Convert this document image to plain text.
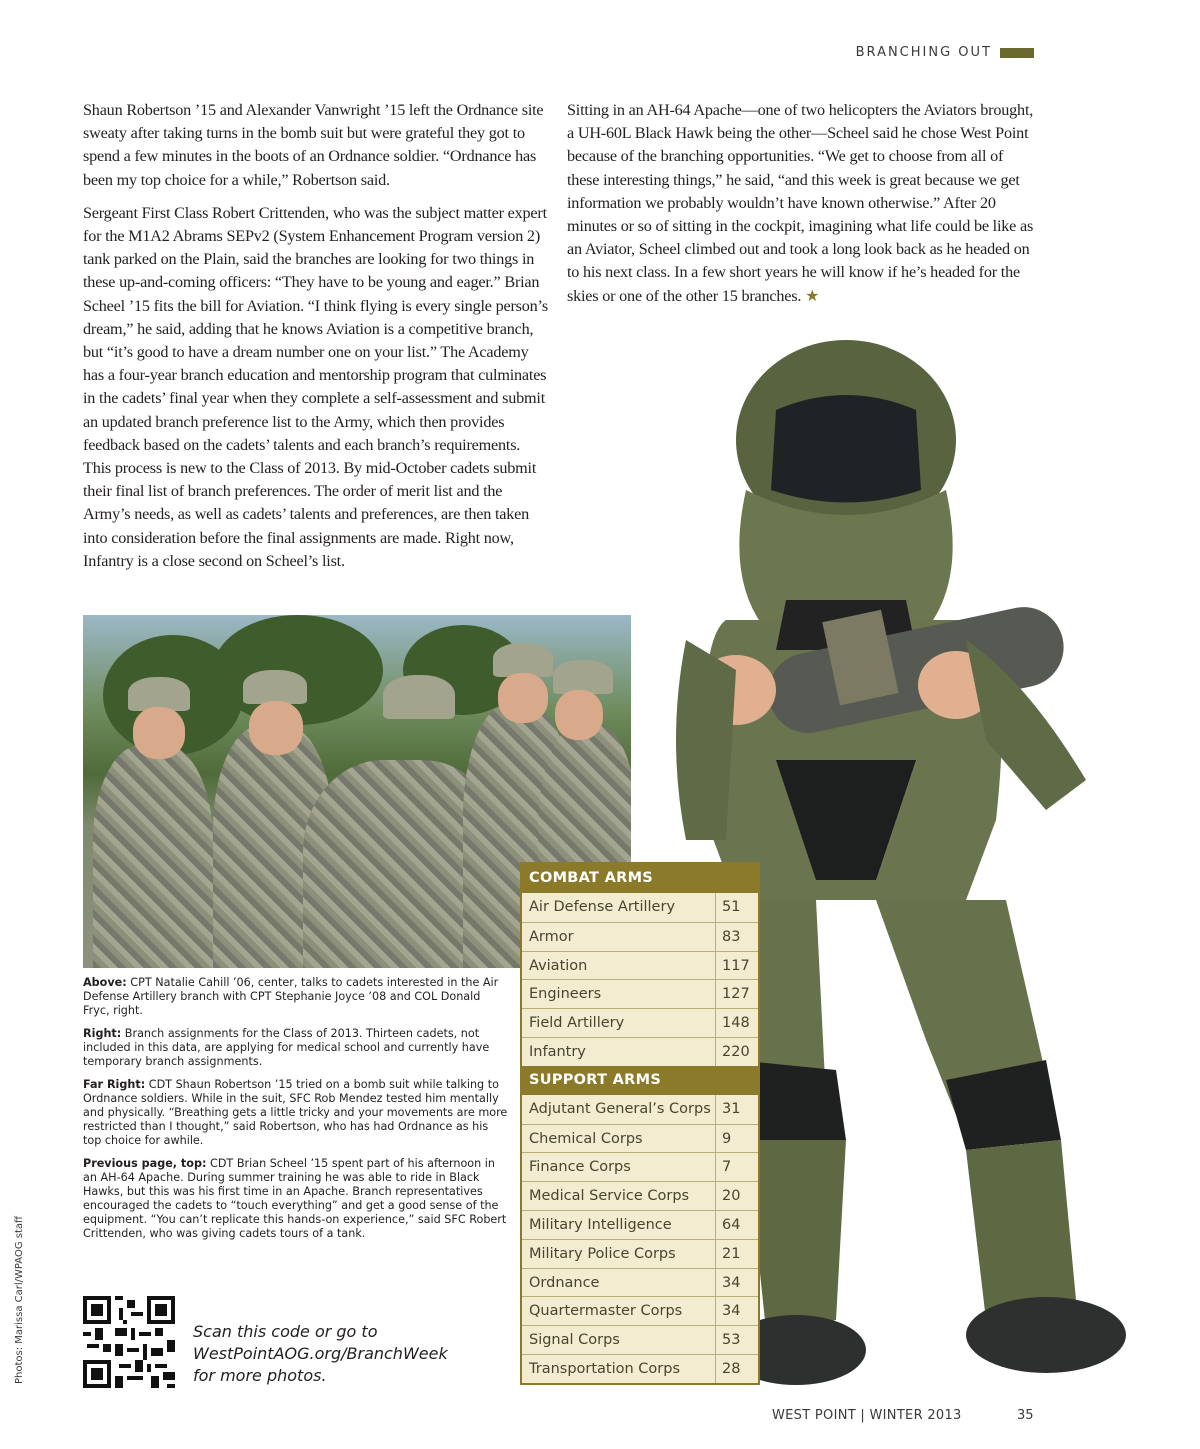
BRANCHING OUT

Shaun Robertson ’15 and Alexander Vanwright ’15 left the Ordnance site sweaty after taking turns in the bomb suit but were grateful they got to spend a few minutes in the boots of an Ordnance soldier. “Ordnance has been my top choice for a while,” Robertson said.

Sergeant First Class Robert Crittenden, who was the subject matter expert for the M1A2 Abrams SEPv2 (System Enhancement Program version 2) tank parked on the Plain, said the branches are looking for two things in these up-and-coming officers: “They have to be young and eager.” Brian Scheel ’15 fits the bill for Aviation. “I think flying is every single person’s dream,” he said, adding that he knows Aviation is a competitive branch, but “it’s good to have a dream number one on your list.” The Academy has a four-year branch education and mentorship program that culminates in the cadets’ final year when they complete a self-assessment and submit an updated branch preference list to the Army, which then provides feedback based on the cadets’ talents and each branch’s requirements. This process is new to the Class of 2013. By mid-October cadets submit their final list of branch preferences. The order of merit list and the Army’s needs, as well as cadets’ talents and preferences, are then taken into consideration before the final assignments are made. Right now, Infantry is a close second on Scheel’s list.

Sitting in an AH-64 Apache—one of two helicopters the Aviators brought, a UH-60L Black Hawk being the other—Scheel said he chose West Point because of the branching opportunities. “We get to choose from all of these interesting things,” he said, “and this week is great because we get information we probably wouldn’t have known otherwise.” After 20 minutes or so of sitting in the cockpit, imagining what life could be like as an Aviator, Scheel climbed out and took a long look back as he headed on to his next class. In a few short years he will know if he’s headed for the skies or one of the other 15 branches. ★

COMBAT ARMS
Air Defense Artillery	51
Armor	83
Aviation	117
Engineers	127
Field Artillery	148
Infantry	220
SUPPORT ARMS
Adjutant General’s Corps 31
Chemical Corps	9
Finance Corps	7
Medical Service Corps	20
Military Intelligence	64
Military Police Corps	21
Ordnance	34
Quartermaster Corps	34
Signal Corps	53
Transportation Corps	28

Above: CPT Natalie Cahill ’06, center, talks to cadets interested in the Air Defense Artillery branch with CPT Stephanie Joyce ’08 and COL Donald Fryc, right.

Right: Branch assignments for the Class of 2013. Thirteen cadets, not included in this data, are applying for medical school and currently have temporary branch assignments.

Far Right: CDT Shaun Robertson ’15 tried on a bomb suit while talking to Ordnance soldiers. While in the suit, SFC Rob Mendez tested him mentally and physically. “Breathing gets a little tricky and your movements are more restricted than I thought,” said Robertson, who has had Ordnance as his top choice for awhile.

Previous page, top: CDT Brian Scheel ’15 spent part of his afternoon in an AH-64 Apache. During summer training he was able to ride in Black Hawks, but this was his first time in an Apache. Branch representatives encouraged the cadets to “touch everything” and get a good sense of the equipment. “You can’t replicate this hands-on experience,” said SFC Robert Crittenden, who was giving cadets tours of a tank.

Photos: Marissa Carl/WPAOG staff	Scan this code or go to
WestPointAOG.org/BranchWeek
for more photos.
WEST POINT | WINTER 2013	35
